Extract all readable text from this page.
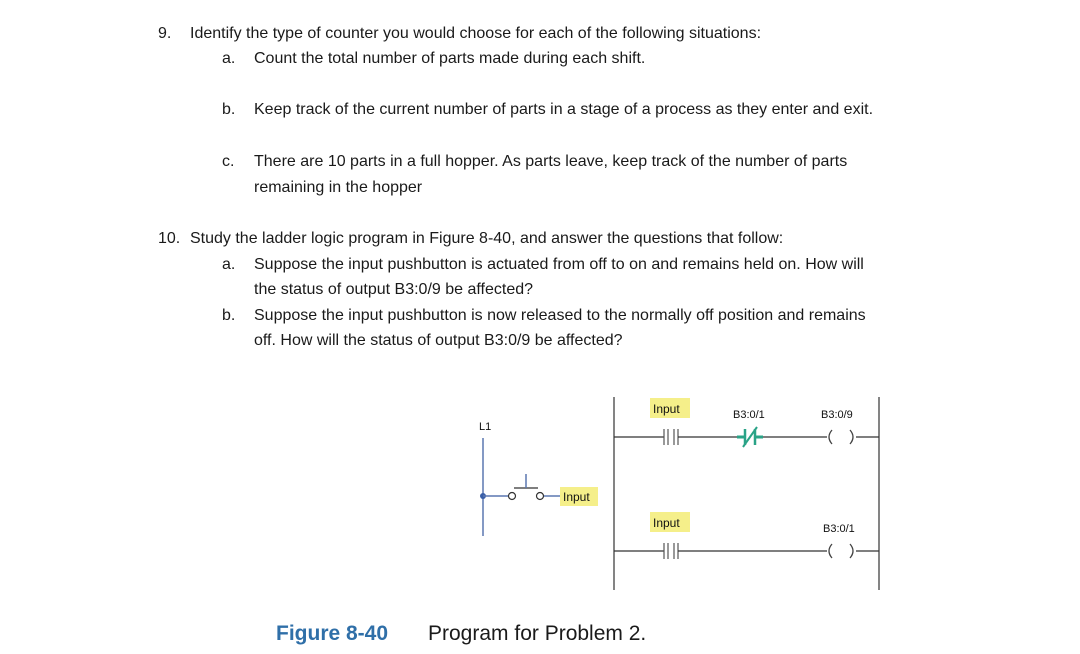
9. Identify the type of counter you would choose for each of the following situations:
a. Count the total number of parts made during each shift.
b. Keep track of the current number of parts in a stage of a process as they enter and exit.
c. There are 10 parts in a full hopper. As parts leave, keep track of the number of parts
remaining in the hopper
10. Study the ladder logic program in Figure 8-40, and answer the questions that follow:
a. Suppose the input pushbutton is actuated from off to on and remains held on. How will
the status of output B3:0/9 be affected?
b. Suppose the input pushbutton is now released to the normally off position and remains
off. How will the status of output B3:0/9 be affected?
L1
Input
Input	B3:0/1	B3:0/9
Input	B3:0/1
Figure 8-40 Program for Problem 2.
